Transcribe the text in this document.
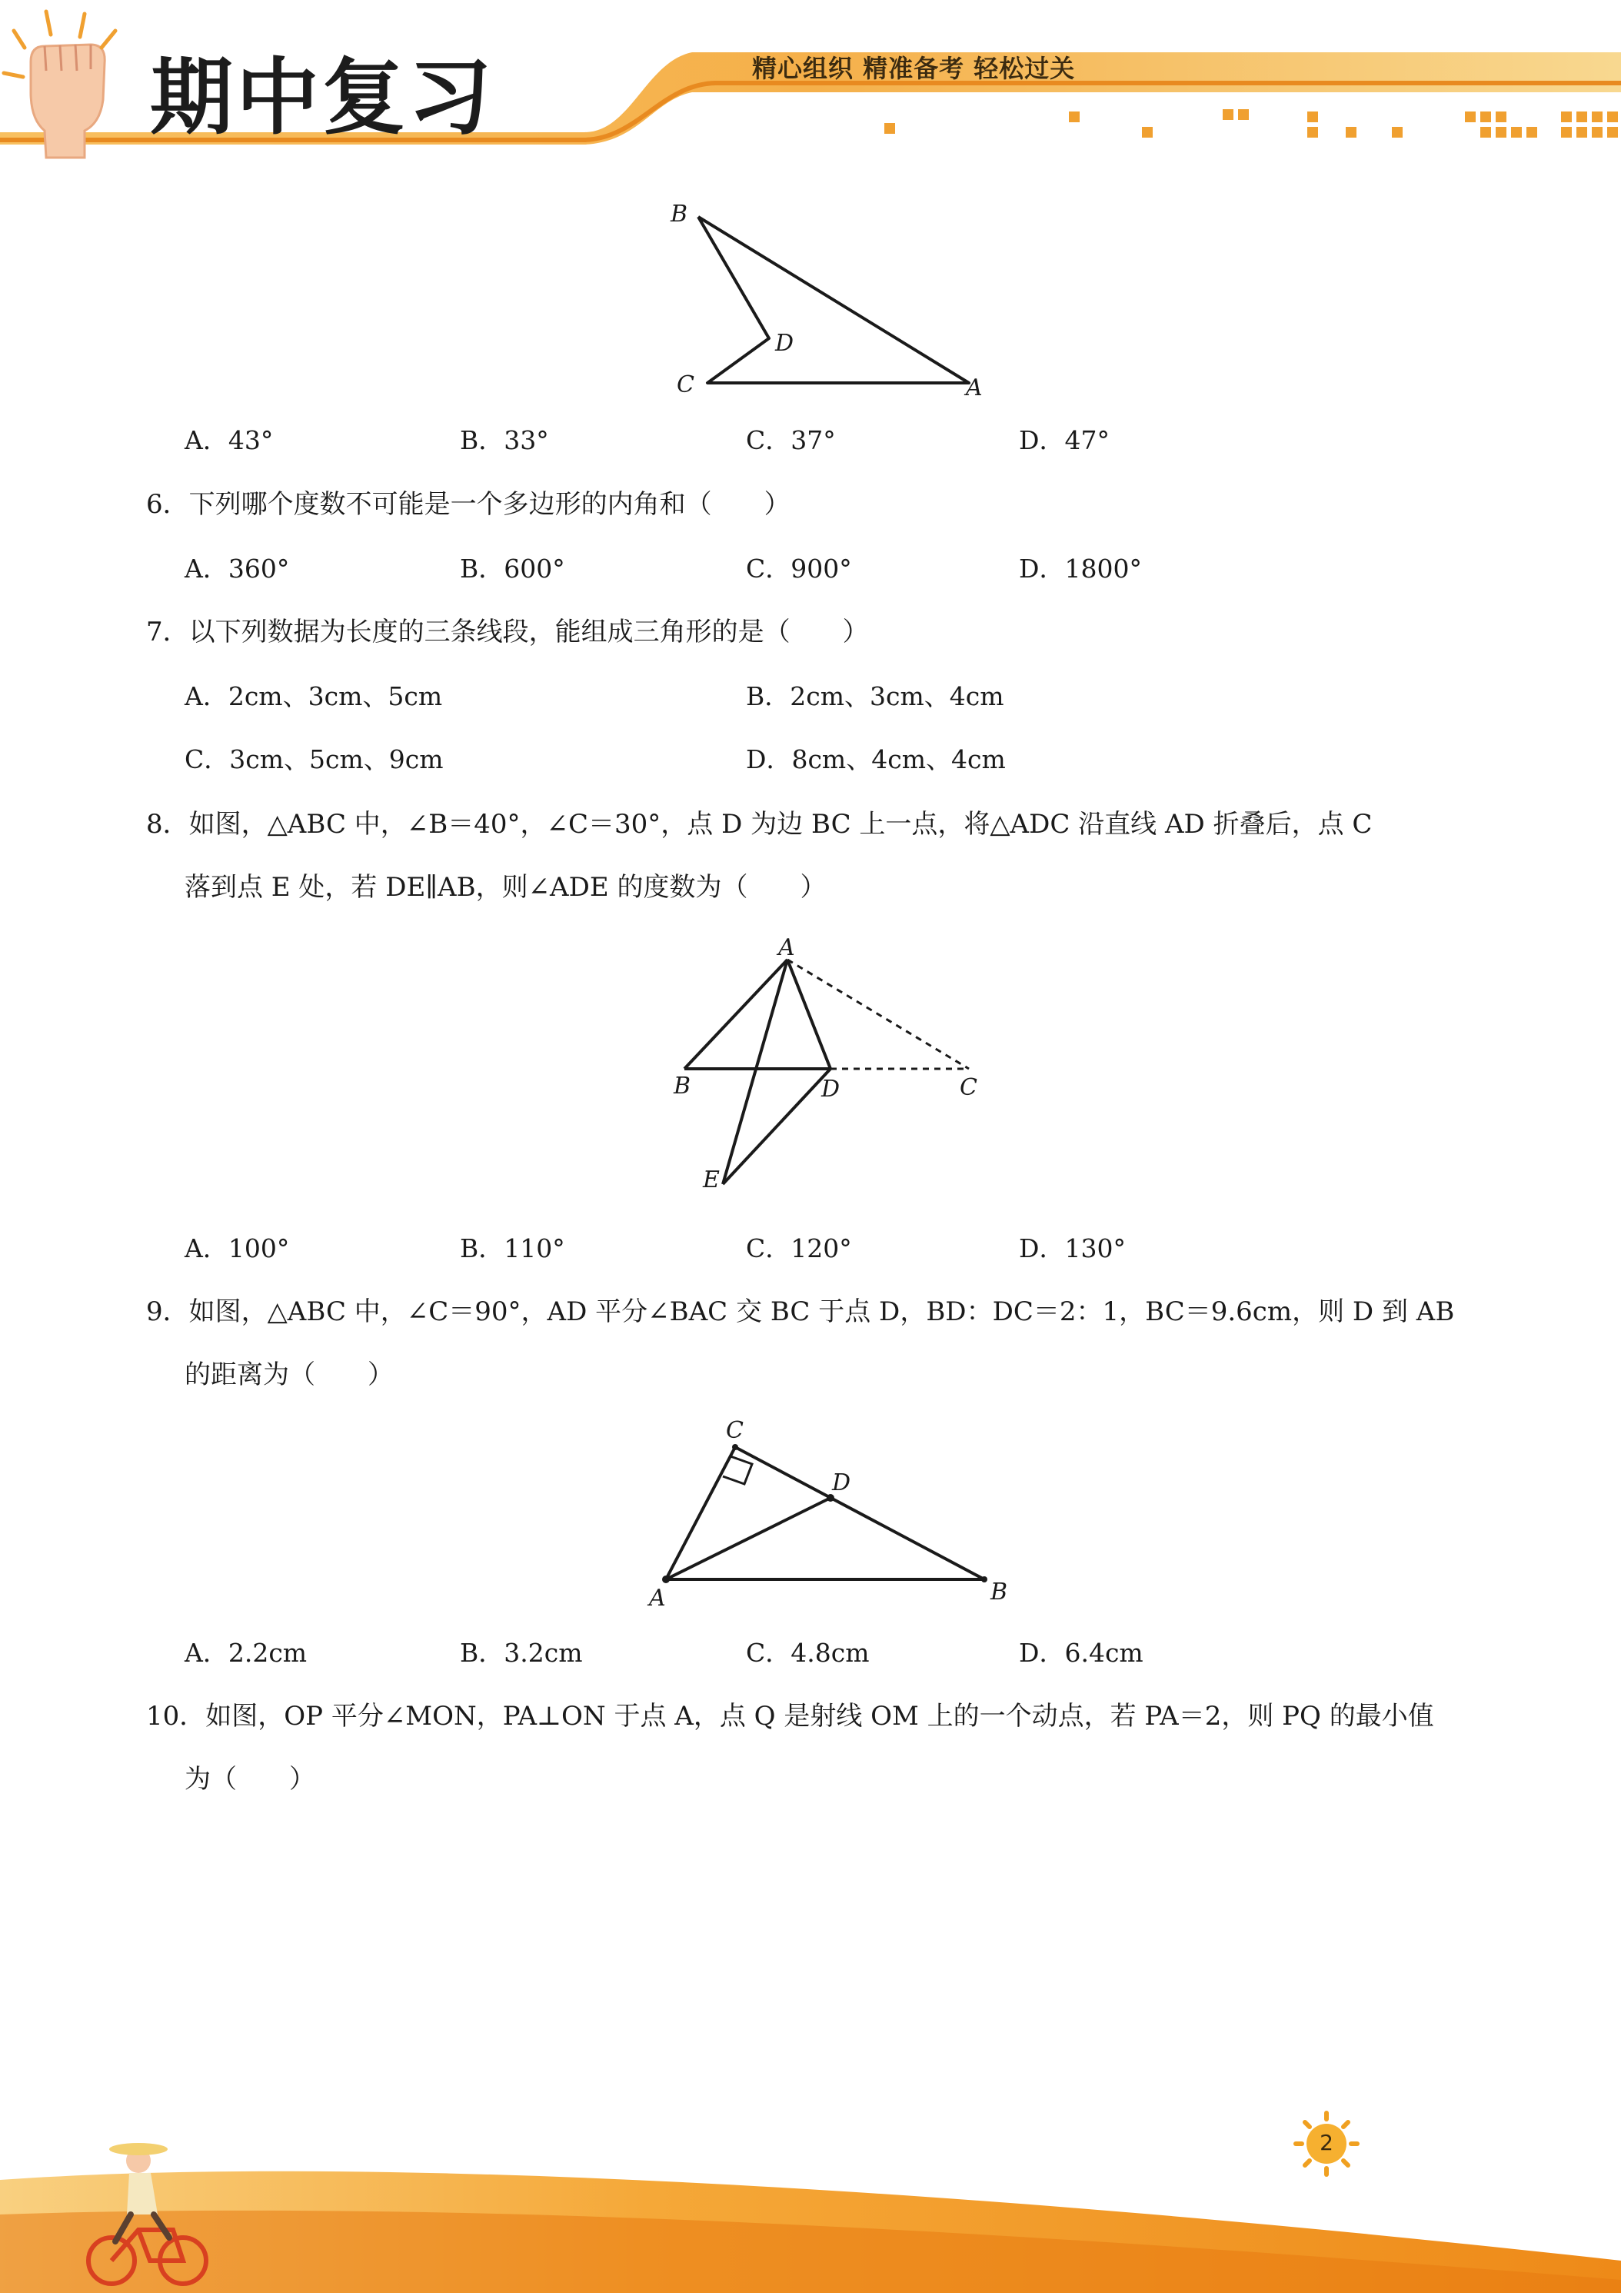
期中复习	精心组织 精准备考 轻松过关
B
D
C	A
A．43°	B．33°	C．37°	D．47°
6．下列哪个度数不可能是一个多边形的内角和（　　）
A．360°	B．600°	C．900°	D．1800°
7．以下列数据为长度的三条线段，能组成三角形的是（　　）
A．2cm、3cm、5cm	B．2cm、3cm、4cm
C．3cm、5cm、9cm	D．8cm、4cm、4cm
8．如图，△ABC 中，∠B＝40°，∠C＝30°，点 D 为边 BC 上一点，将△ADC 沿直线 AD 折叠后，点 C
落到点 E 处，若 DE∥AB，则∠ADE 的度数为（　　）
A
B	D	C
E
A．100°	B．110°	C．120°	D．130°
9．如图，△ABC 中，∠C＝90°，AD 平分∠BAC 交 BC 于点 D，BD：DC＝2：1，BC＝9.6cm，则 D 到 AB
的距离为（　　）
C
D
A	B
A．2.2cm	B．3.2cm	C．4.8cm	D．6.4cm
10．如图，OP 平分∠MON，PA⊥ON 于点 A，点 Q 是射线 OM 上的一个动点，若 PA＝2，则 PQ 的最小值
为（　　）
2
